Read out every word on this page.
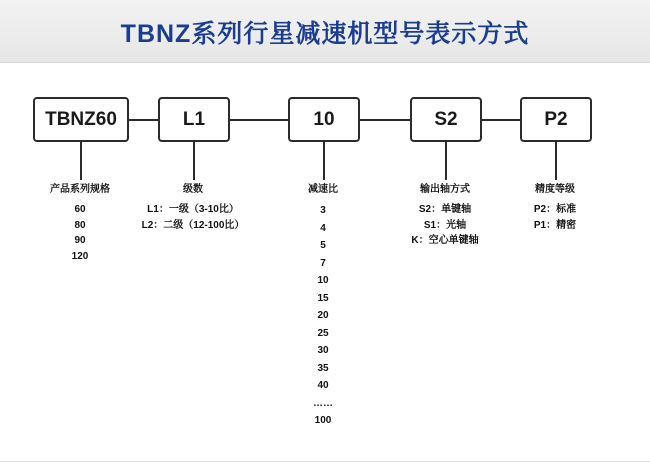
TBNZ系列行星减速机型号表示方式
TBNZ60	L1	10	S2	P2
产品系列规格
60
80
90
120
级数
L1：一级（3-10比）
L2：二级（12-100比）
减速比
3
4
5
7
10
15
20
25
30
35
40
……
100
输出轴方式
S2：单键轴
S1：光轴
K：空心单键轴
精度等级
P2：标准
P1：精密
